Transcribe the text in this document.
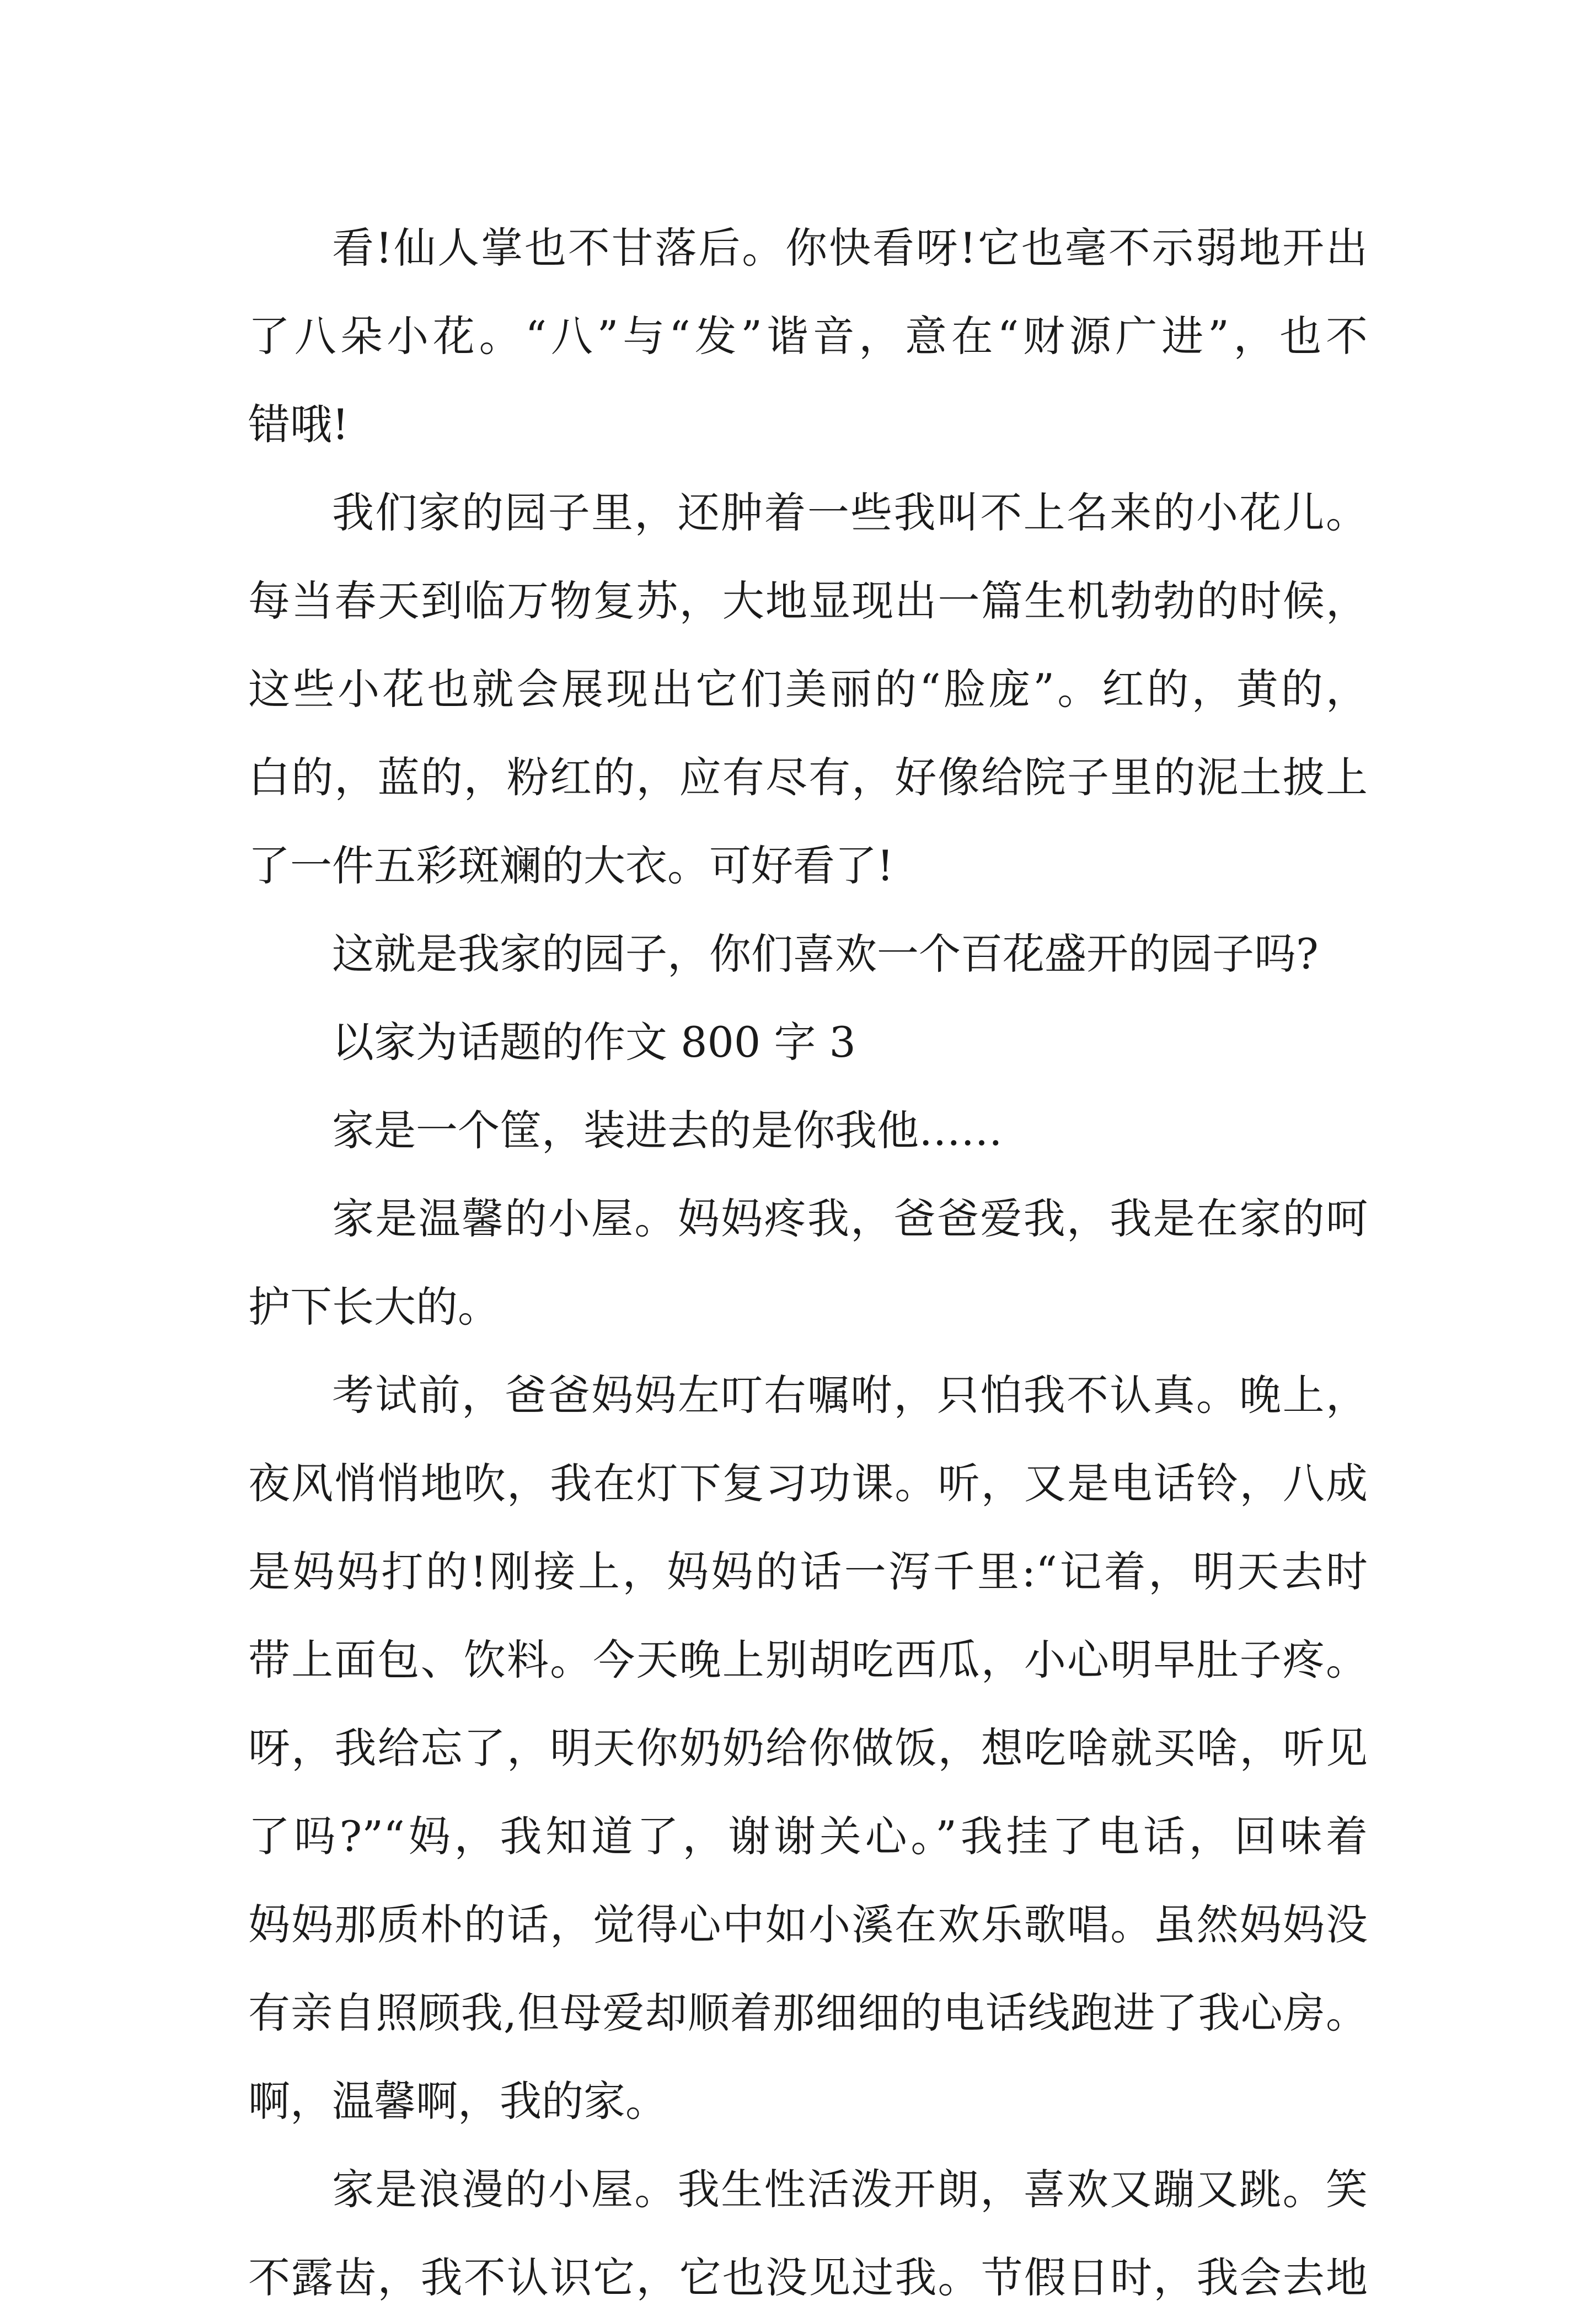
看!仙人掌也不甘落后。你快看呀!它也毫不示弱地开出
了八朵小花。“八”与“发”谐音，意在“财源广进”，也不
错哦!
我们家的园子里，还肿着一些我叫不上名来的小花儿。
每当春天到临万物复苏，大地显现出一篇生机勃勃的时候，
这些小花也就会展现出它们美丽的“脸庞”。红的，黄的，
白的，蓝的，粉红的，应有尽有，好像给院子里的泥土披上
了一件五彩斑斓的大衣。可好看了!
这就是我家的园子，你们喜欢一个百花盛开的园子吗?
以家为话题的作文 800 字 3
家是一个筐，装进去的是你我他……
家是温馨的小屋。妈妈疼我，爸爸爱我，我是在家的呵
护下长大的。
考试前，爸爸妈妈左叮右嘱咐，只怕我不认真。晚上，
夜风悄悄地吹，我在灯下复习功课。听，又是电话铃，八成
是妈妈打的!刚接上，妈妈的话一泻千里:“记着，明天去时
带上面包、饮料。今天晚上别胡吃西瓜，小心明早肚子疼。
呀，我给忘了，明天你奶奶给你做饭，想吃啥就买啥，听见
了吗?”“妈，我知道了，谢谢关心。”我挂了电话，回味着
妈妈那质朴的话，觉得心中如小溪在欢乐歌唱。虽然妈妈没
有亲自照顾我,但母爱却顺着那细细的电话线跑进了我心房。
啊，温馨啊，我的家。
家是浪漫的小屋。我生性活泼开朗，喜欢又蹦又跳。笑
不露齿，我不认识它，它也没见过我。节假日时，我会去地
